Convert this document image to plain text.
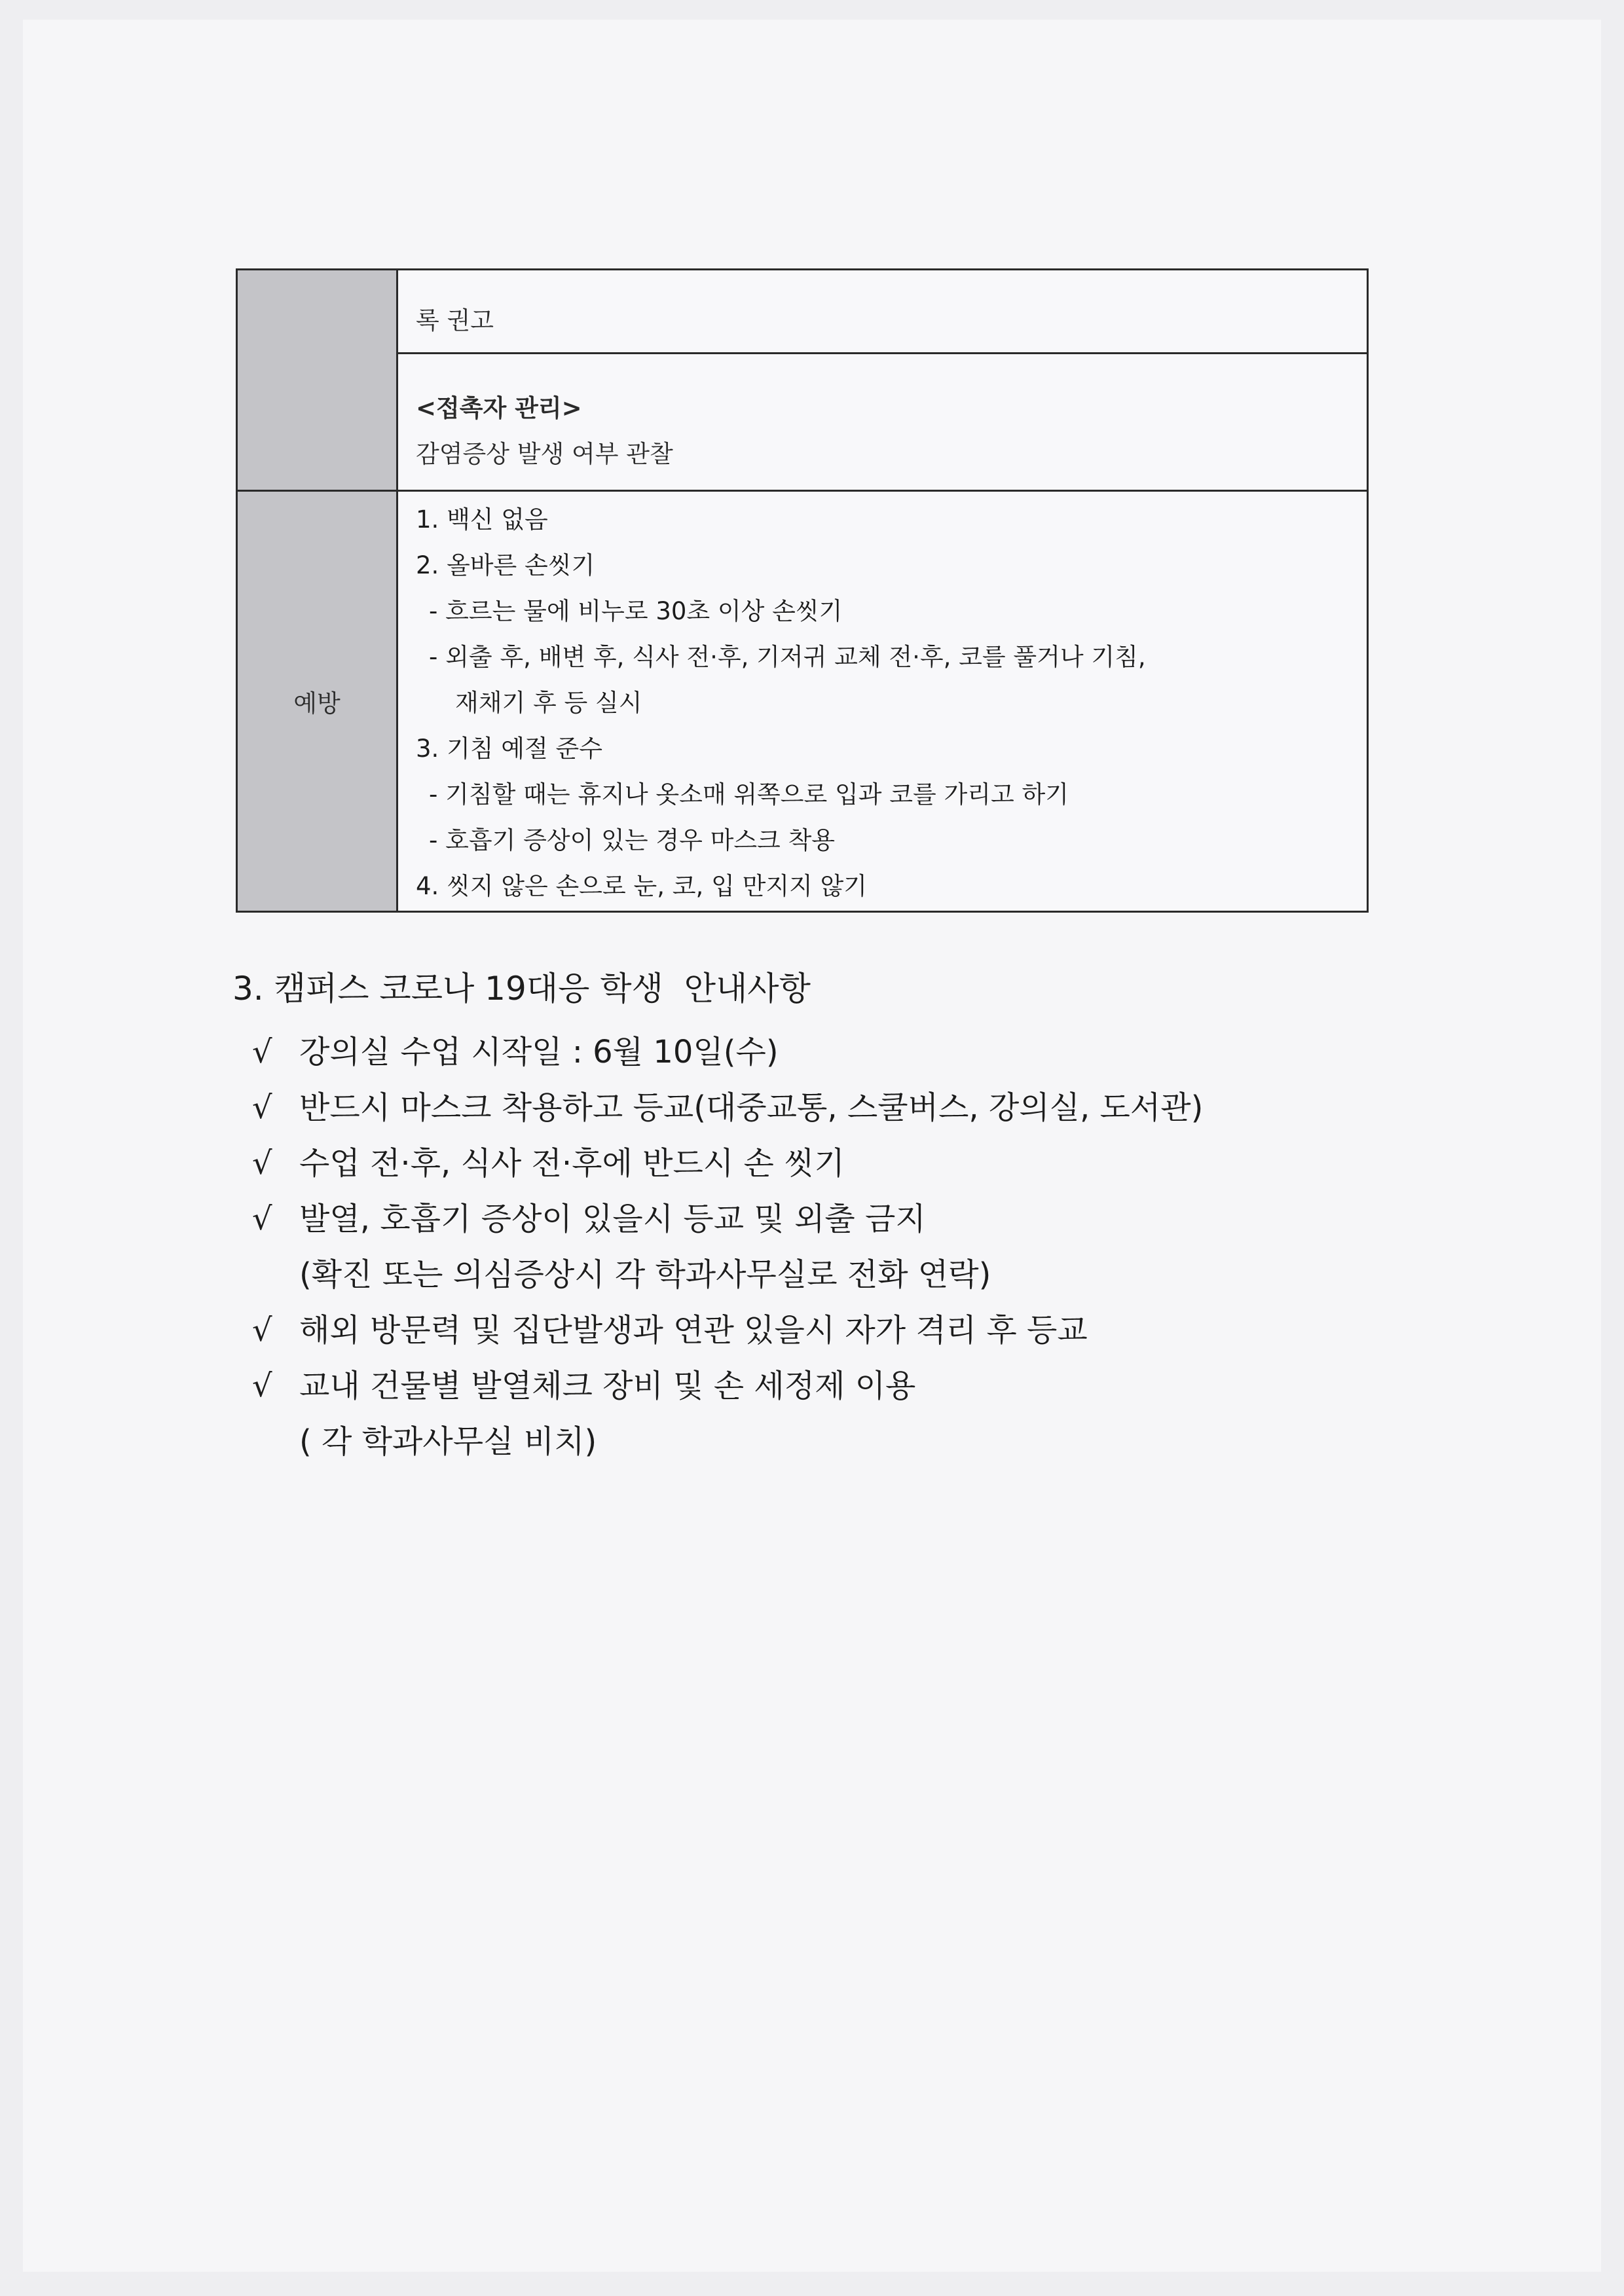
록 권고
<접촉자 관리>
감염증상 발생 여부 관찰
예방
1. 백신 없음
2. 올바른 손씻기
- 흐르는 물에 비누로 30초 이상 손씻기
- 외출 후, 배변 후, 식사 전·후, 기저귀 교체 전·후, 코를 풀거나 기침,
재채기 후 등 실시
3. 기침 예절 준수
- 기침할 때는 휴지나 옷소매 위쪽으로 입과 코를 가리고 하기
- 호흡기 증상이 있는 경우 마스크 착용
4. 씻지 않은 손으로 눈, 코, 입 만지지 않기
3. 캠퍼스 코로나 19대응 학생  안내사항
√ 강의실 수업 시작일 : 6월 10일(수)
√ 반드시 마스크 착용하고 등교(대중교통, 스쿨버스, 강의실, 도서관)
√ 수업 전·후, 식사 전·후에 반드시 손 씻기
√ 발열, 호흡기 증상이 있을시 등교 및 외출 금지
(확진 또는 의심증상시 각 학과사무실로 전화 연락)
√ 해외 방문력 및 집단발생과 연관 있을시 자가 격리 후 등교
√ 교내 건물별 발열체크 장비 및 손 세정제 이용
( 각 학과사무실 비치)
